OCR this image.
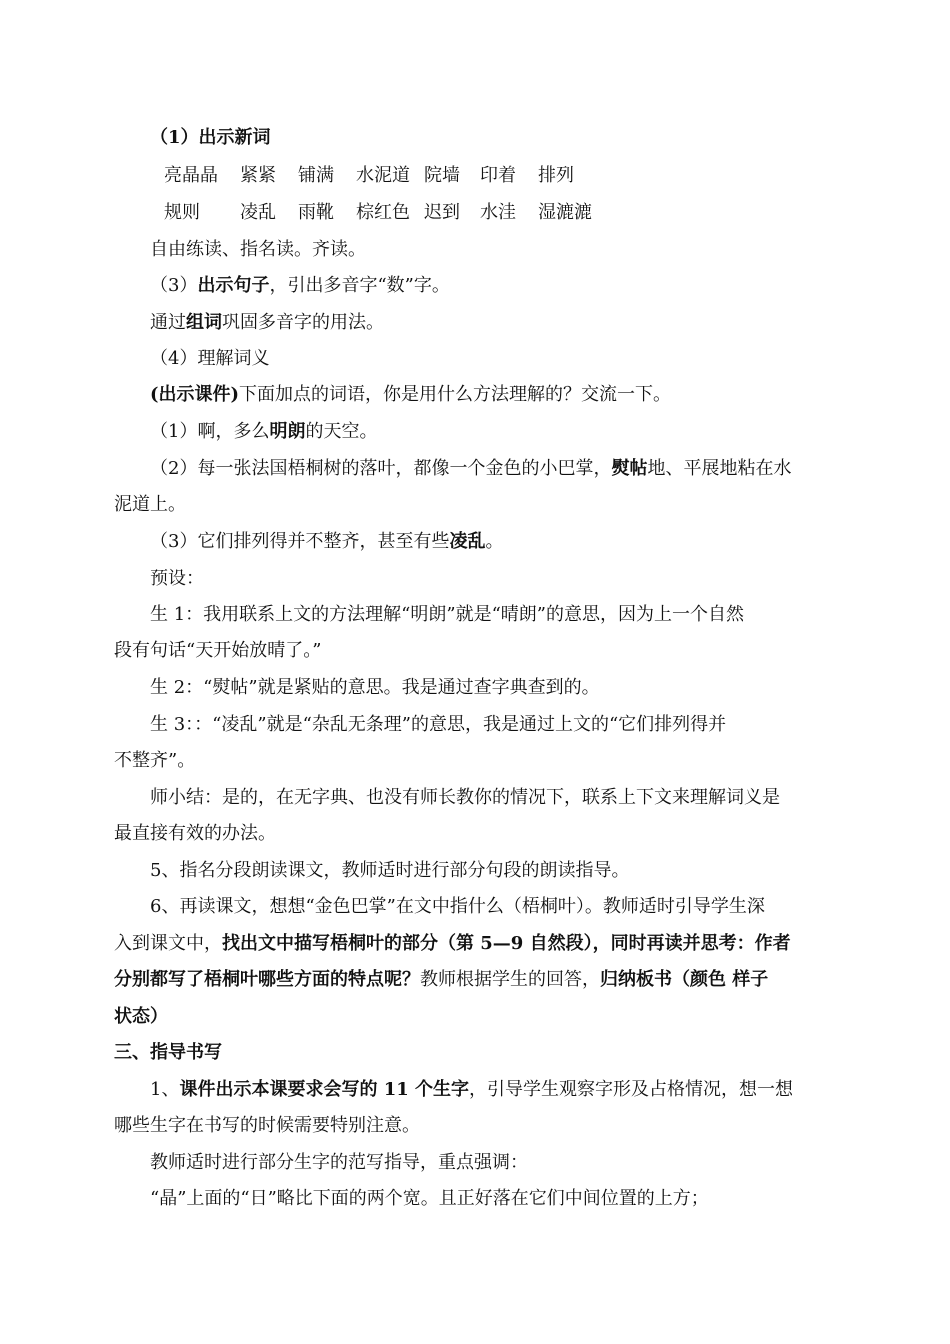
（1）出示新词
亮晶晶 紧紧 铺满 水泥道 院墙 印着 排列
规则 凌乱 雨靴 棕红色 迟到 水洼 湿漉漉
自由练读、指名读。齐读。
（3）出示句子，引出多音字“数”字。
通过组词巩固多音字的用法。
（4）理解词义
(出示课件)下面加点的词语，你是用什么方法理解的？交流一下。
（1）啊，多么明朗的天空。
（2）每一张法国梧桐树的落叶，都像一个金色的小巴掌，熨帖地、平展地粘在水
泥道上。
（3）它们排列得并不整齐，甚至有些凌乱。
预设：
生 1：我用联系上文的方法理解“明朗”就是“晴朗”的意思，因为上一个自然
段有句话“天开始放晴了。”
生 2：“熨帖”就是紧贴的意思。我是通过查字典查到的。
生 3：：“凌乱”就是“杂乱无条理”的意思，我是通过上文的“它们排列得并
不整齐”。
师小结：是的，在无字典、也没有师长教你的情况下，联系上下文来理解词义是
最直接有效的办法。
5、指名分段朗读课文，教师适时进行部分句段的朗读指导。
6、再读课文，想想“金色巴掌”在文中指什么（梧桐叶）。教师适时引导学生深
入到课文中，找出文中描写梧桐叶的部分（第 5—9 自然段），同时再读并思考：作者
分别都写了梧桐叶哪些方面的特点呢？教师根据学生的回答，归纳板书（颜色 样子
状态）
三、指导书写
1、课件出示本课要求会写的 11 个生字，引导学生观察字形及占格情况，想一想
哪些生字在书写的时候需要特别注意。
教师适时进行部分生字的范写指导，重点强调：
“晶”上面的“日”略比下面的两个宽。且正好落在它们中间位置的上方；
